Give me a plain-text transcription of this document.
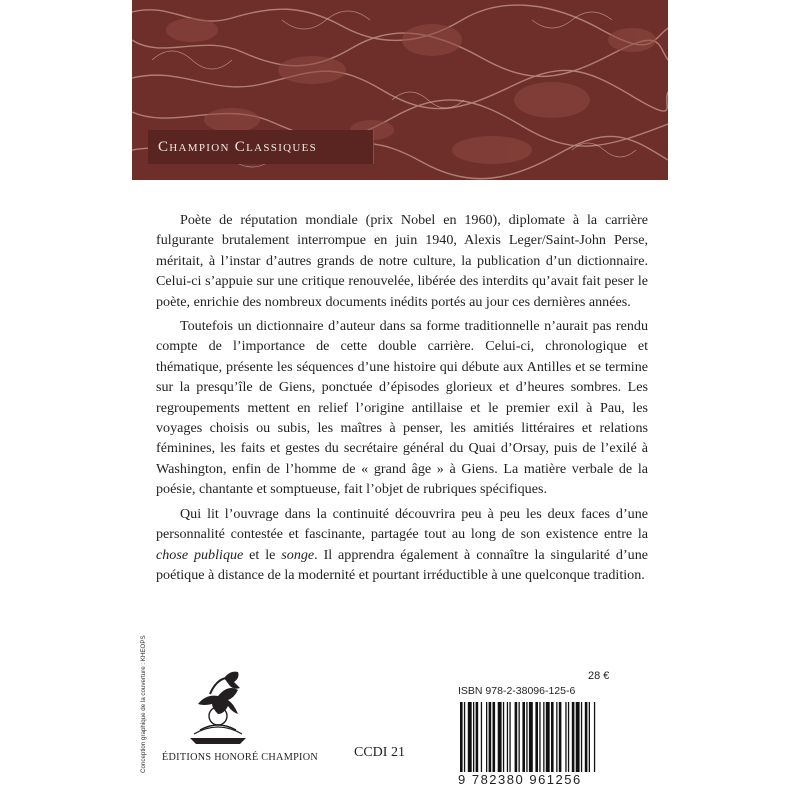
Champion Classiques

Poète de réputation mondiale (prix Nobel en 1960), diplomate à la carrière fulgurante brutalement interrompue en juin 1940, Alexis Leger/Saint-John Perse, méritait, à l’instar d’autres grands de notre culture, la publication d’un dictionnaire. Celui-ci s’appuie sur une critique renouvelée, libérée des interdits qu’avait fait peser le poète, enrichie des nombreux documents inédits portés au jour ces dernières années.

Toutefois un dictionnaire d’auteur dans sa forme traditionnelle n’aurait pas rendu compte de l’importance de cette double carrière. Celui-ci, chronologique et thématique, présente les séquences d’une histoire qui débute aux Antilles et se termine sur la presqu’île de Giens, ponctuée d’épisodes glorieux et d’heures sombres. Les regroupements mettent en relief l’origine antillaise et le premier exil à Pau, les voyages choisis ou subis, les maîtres à penser, les amitiés littéraires et relations féminines, les faits et gestes du secrétaire général du Quai d’Orsay, puis de l’exilé à Washington, enfin de l’homme de « grand âge » à Giens. La matière verbale de la poésie, chantante et somptueuse, fait l’objet de rubriques spécifiques.

Qui lit l’ouvrage dans la continuité découvrira peu à peu les deux faces d’une personnalité contestée et fascinante, partagée tout au long de son existence entre la chose publique et le songe. Il apprendra également à connaître la singularité d’une poétique à distance de la modernité et pourtant irréductible à une quelconque tradition.

Conception graphique de la couverture : KHEOPS ÉDITIONS HONORÉ CHAMPION	CCDI 21
28 €
ISBN 978-2-38096-125-6
9 782380 961256
